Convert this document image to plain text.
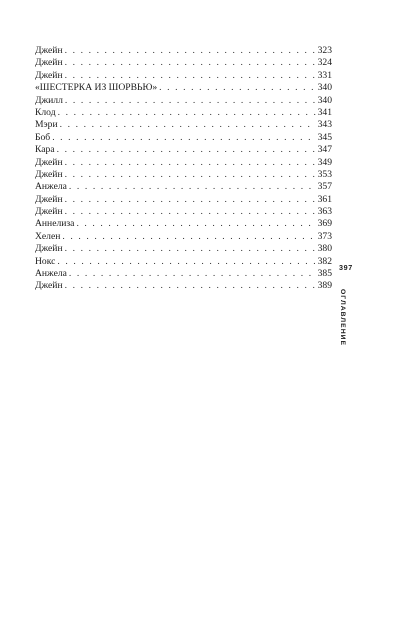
Джейн . . .	323
Джейн . . .	324
Джейн . . .	331
«ШЕСТЕРКА ИЗ ШОРВЬЮ» . . .	340
Джилл . . .	340
Клод . . .	341
Мэри . . .	343
Боб . . .	345
Кара . . .	347
Джейн . . .	349
Джейн . . .	353
Анжела . . .	357
Джейн . . .	361
Джейн . . .	363
Аннелиза . . .	369
Хелен . . .	373
Джейн . . .	380
Нокс . . .	382
Анжела . . .	385
Джейн . . .	389
397
ОГЛАВЛЕНИЕ
